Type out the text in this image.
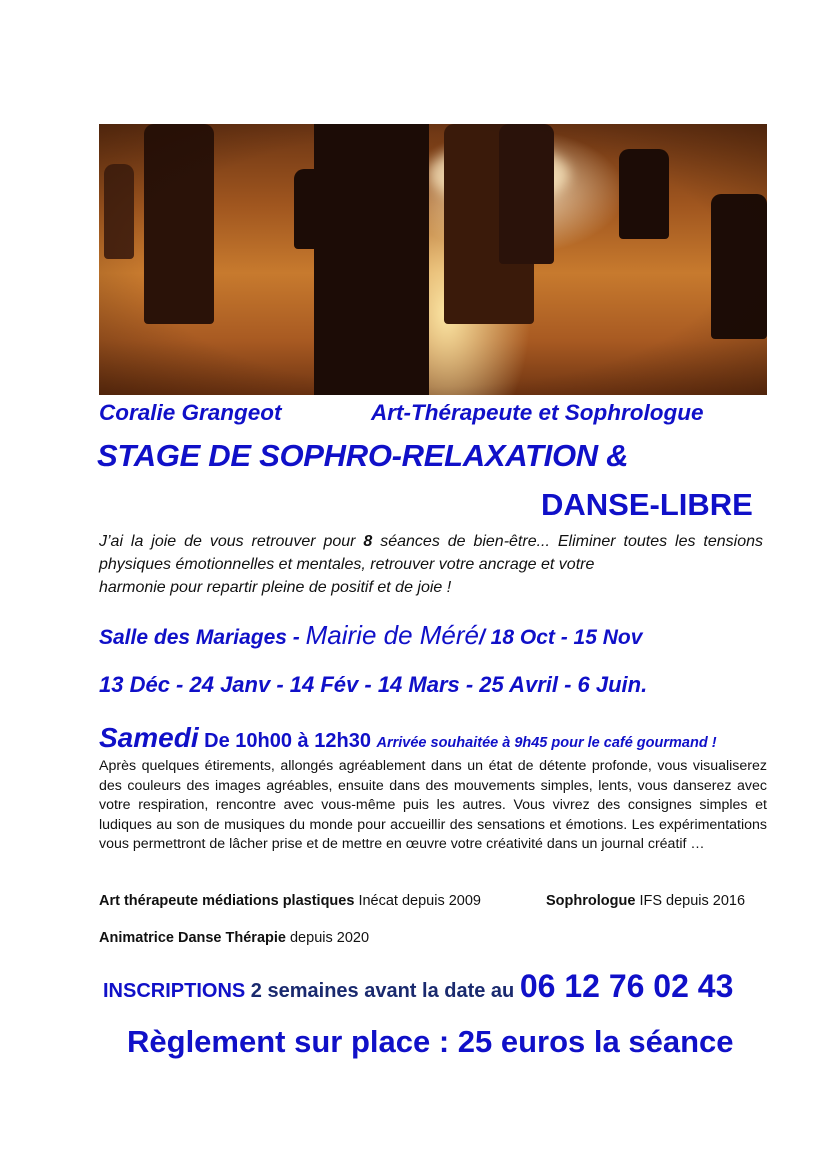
Coralie Grangeot	Art-Thérapeute et Sophrologue
STAGE DE SOPHRO-RELAXATION &
DANSE-LIBRE
J’ai la joie de vous retrouver pour 8 séances de bien-être... Eliminer toutes les tensions physiques émotionnelles et mentales, retrouver votre ancrage et votre
harmonie pour repartir pleine de positif et de joie !
Salle des Mariages - Mairie de Méré/ 18 Oct - 15 Nov
13 Déc - 24 Janv - 14 Fév - 14 Mars - 25 Avril - 6 Juin.
Samedi De 10h00 à 12h30 Arrivée souhaitée à 9h45 pour le café gourmand !
Après quelques étirements, allongés agréablement dans un état de détente profonde, vous visualiserez des couleurs des images agréables, ensuite dans des mouvements simples, lents, vous danserez avec votre respiration, rencontre avec vous-même puis les autres. Vous vivrez des consignes simples et ludiques au son de musiques du monde pour accueillir des sensations et émotions. Les expérimentations vous permettront de lâcher prise et de mettre en œuvre votre créativité dans un journal créatif …
Art thérapeute médiations plastiques Inécat depuis 2009	Sophrologue IFS depuis 2016
Animatrice Danse Thérapie depuis 2020
INSCRIPTIONS 2 semaines avant la date au 06 12 76 02 43
Règlement sur place : 25 euros la séance
